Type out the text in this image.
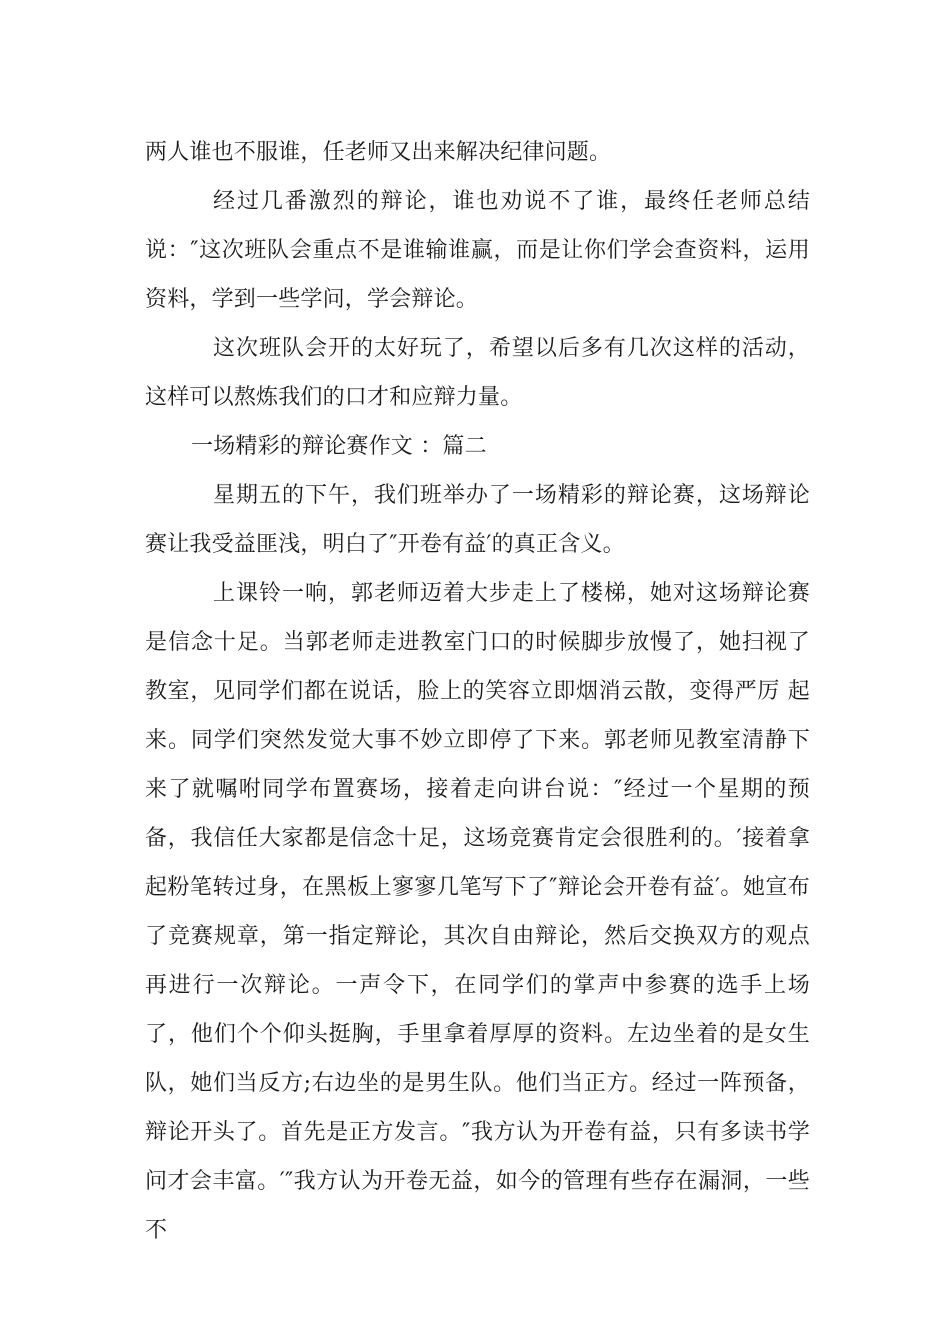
两人谁也不服谁，任老师又出来解决纪律问题。

经过几番激烈的辩论，谁也劝说不了谁，最终任老师总结说：″这次班队会重点不是谁输谁赢，而是让你们学会查资料，运用资料，学到一些学问，学会辩论。

这次班队会开的太好玩了，希望以后多有几次这样的活动，这样可以熬炼我们的口才和应辩力量。

一场精彩的辩论赛作文 ：篇二

星期五的下午，我们班举办了一场精彩的辩论赛，这场辩论赛让我受益匪浅，明白了″开卷有益′的真正含义。

上课铃一响，郭老师迈着大步走上了楼梯，她对这场辩论赛是信念十足。当郭老师走进教室门口的时候脚步放慢了，她扫视了教室，见同学们都在说话，脸上的笑容立即烟消云散，变得严厉 起来。同学们突然发觉大事不妙立即停了下来。郭老师见教室清静下来了就嘱咐同学布置赛场，接着走向讲台说：″经过一个星期的预备，我信任大家都是信念十足，这场竞赛肯定会很胜利的。′接着拿起粉笔转过身，在黑板上寥寥几笔写下了″辩论会开卷有益′。她宣布了竞赛规章，第一指定辩论，其次自由辩论，然后交换双方的观点再进行一次辩论。一声令下，在同学们的掌声中参赛的选手上场了，他们个个仰头挺胸，手里拿着厚厚的资料。左边坐着的是女生队，她们当反方;右边坐的是男生队。他们当正方。经过一阵预备，辩论开头了。首先是正方发言。″我方认为开卷有益，只有多读书学问才会丰富。′″我方认为开卷无益，如今的管理有些存在漏洞，一些不
